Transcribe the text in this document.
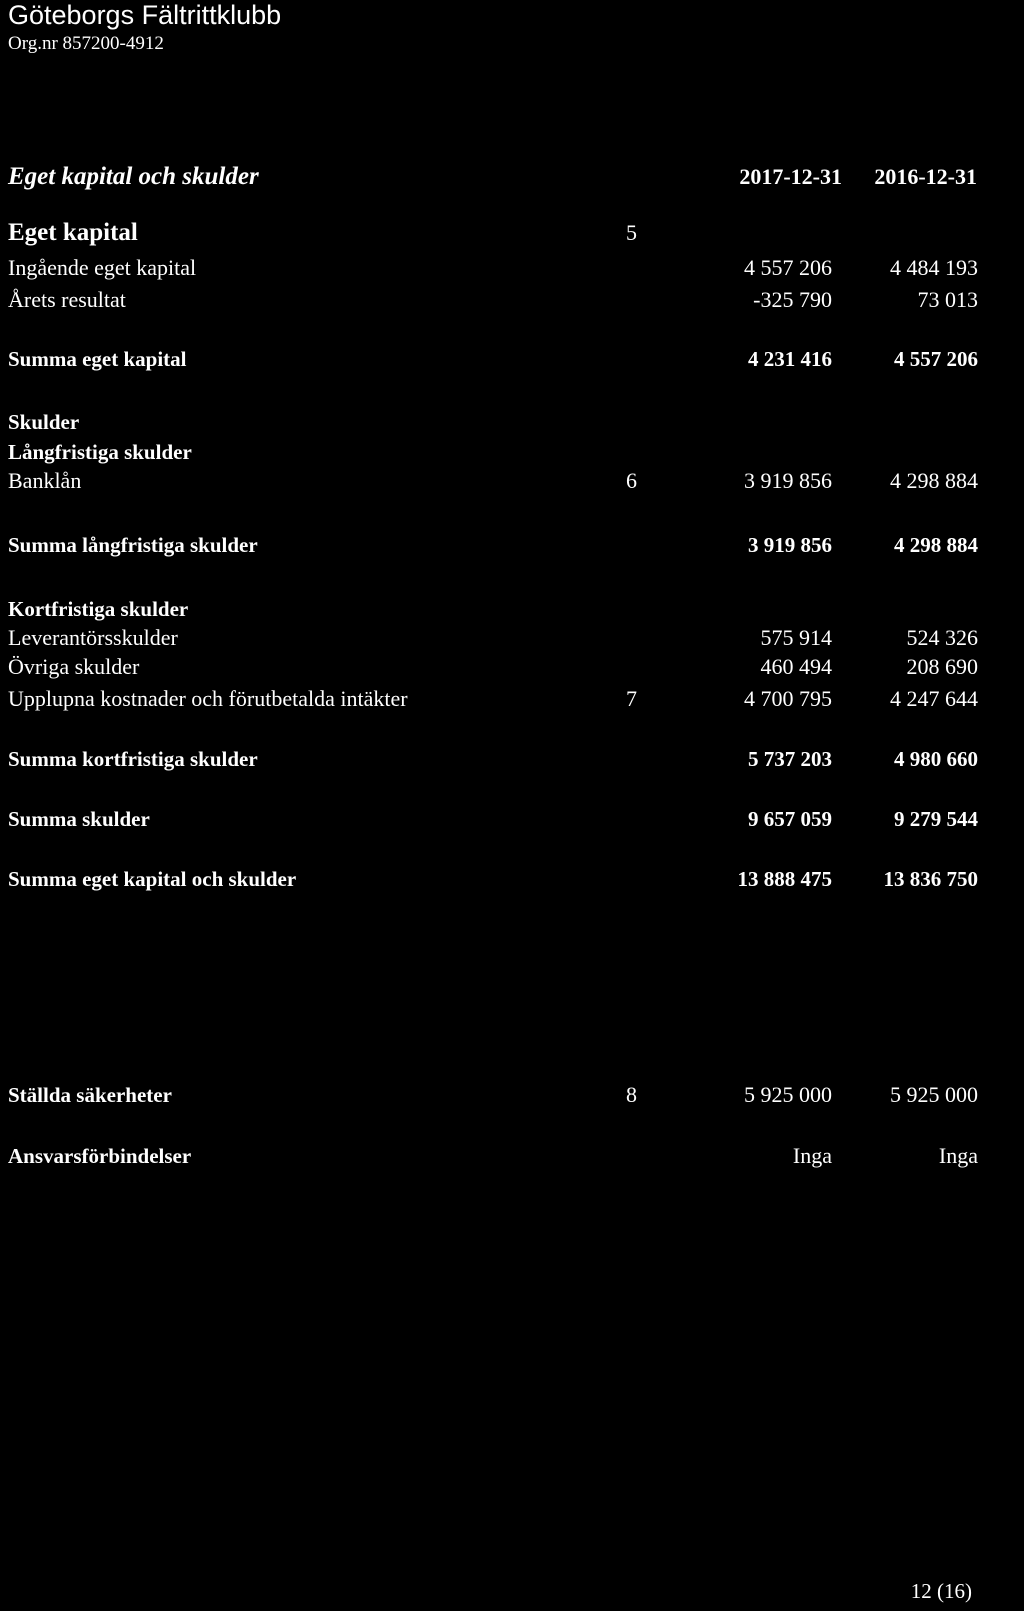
Göteborgs Fältrittklubb
Org.nr 857200-4912
Eget kapital och skulder	2017-12-31	2016-12-31
Eget kapital	5
Ingående eget kapital	4 557 206	4 484 193
Årets resultat	-325 790	73 013
Summa eget kapital	4 231 416	4 557 206
Skulder
Långfristiga skulder
Banklån	6	3 919 856	4 298 884
Summa långfristiga skulder	3 919 856	4 298 884
Kortfristiga skulder
Leverantörsskulder	575 914	524 326
Övriga skulder	460 494	208 690
Upplupna kostnader och förutbetalda intäkter	7	4 700 795	4 247 644
Summa kortfristiga skulder	5 737 203	4 980 660
Summa skulder	9 657 059	9 279 544
Summa eget kapital och skulder	13 888 475	13 836 750
Ställda säkerheter	8	5 925 000	5 925 000
Ansvarsförbindelser	Inga	Inga
12 (16)
